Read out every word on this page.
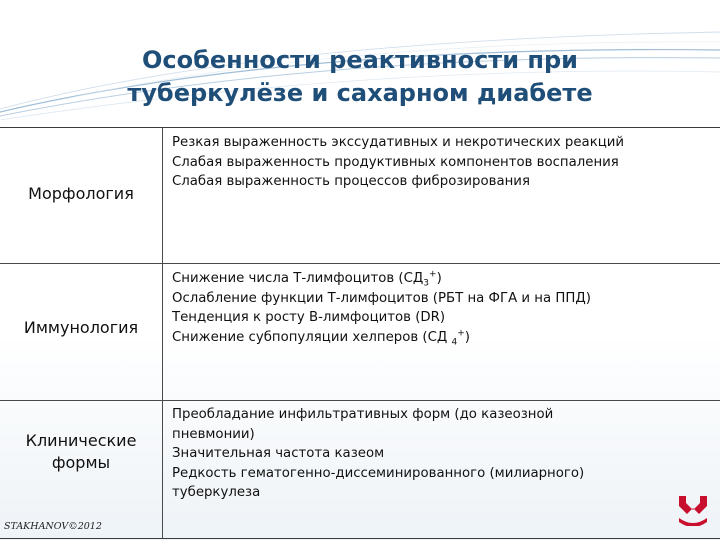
Особенности реактивности при
туберкулёзе и сахарном диабете
Морфология
Резкая выраженность экссудативных и некротических реакций
Слабая выраженность продуктивных компонентов воспаления
Слабая выраженность процессов фиброзирования
Иммунология
Снижение числа Т-лимфоцитов $(СД_3^+)$
Ослабление функции Т-лимфоцитов (РБТ на ФГА и на ППД)
Тенденция к росту В-лимфоцитов (DR)
Снижение субпопуляции хелперов (СД $_4$+)
Клинические
формы
Преобладание инфильтративных форм (до казеозной
пневмонии)
Значительная частота казеом
Редкость гематогенно-диссеминированного (милиарного)
туберкулеза
STAKHANOV©2012
